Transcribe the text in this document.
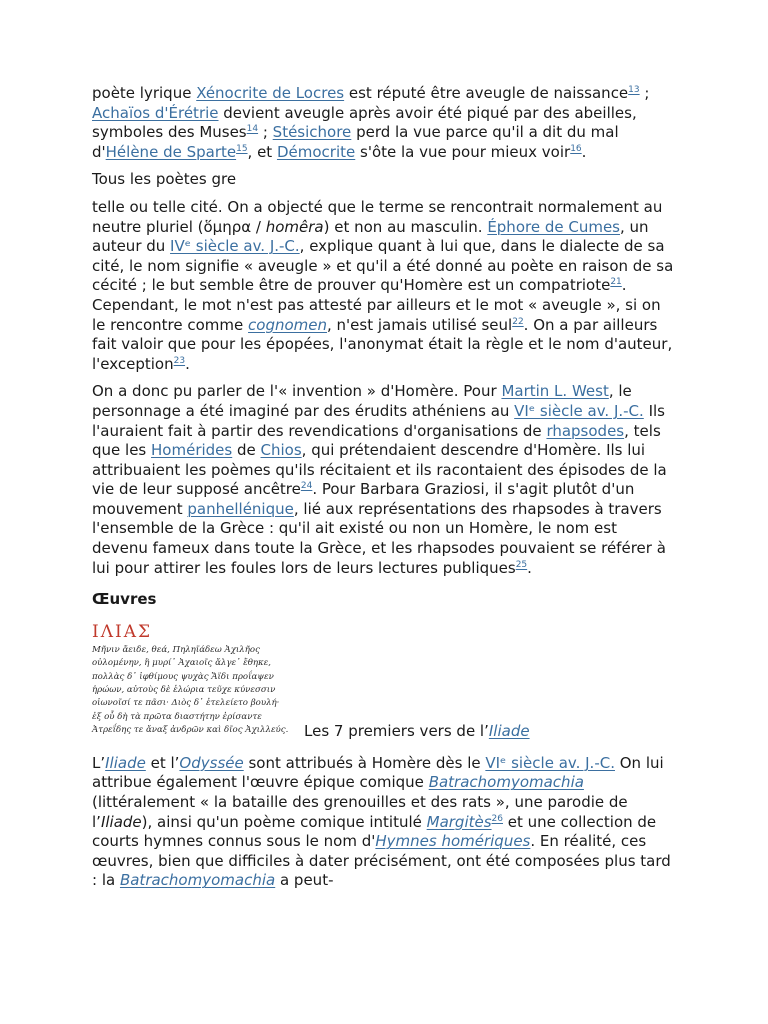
poète lyrique Xénocrite de Locres est réputé être aveugle de naissance$^{13}$ ; Achaïos d'Érétrie devient aveugle après avoir été piqué par des abeilles, symboles des Muses$^{14}$ ; Stésichore perd la vue parce qu'il a dit du mal d'Hélène de Sparte$^{15}$, et Démocrite s'ôte la vue pour mieux voir$^{16}$.

Tous les poètes gre

telle ou telle cité. On a objecté que le terme se rencontrait normalement au neutre pluriel (ὅμηρα / homêra) et non au masculin. Éphore de Cumes, un auteur du IVᵉ siècle av. J.-C., explique quant à lui que, dans le dialecte de sa cité, le nom signifie « aveugle » et qu'il a été donné au poète en raison de sa cécité ; le but semble être de prouver qu'Homère est un compatriote$^{21}$. Cependant, le mot n'est pas attesté par ailleurs et le mot « aveugle », si on le rencontre comme cognomen, n'est jamais utilisé seul$^{22}$. On a par ailleurs fait valoir que pour les épopées, l'anonymat était la règle et le nom d'auteur, l'exception$^{23}$.

On a donc pu parler de l'« invention » d'Homère. Pour Martin L. West, le personnage a été imaginé par des érudits athéniens au VIᵉ siècle av. J.-C. Ils l'auraient fait à partir des revendications d'organisations de rhapsodes, tels que les Homérides de Chios, qui prétendaient descendre d'Homère. Ils lui attribuaient les poèmes qu'ils récitaient et ils racontaient des épisodes de la vie de leur supposé ancêtre$^{24}$. Pour Barbara Graziosi, il s'agit plutôt d'un mouvement panhellénique, lié aux représentations des rhapsodes à travers l'ensemble de la Grèce : qu'il ait existé ou non un Homère, le nom est devenu fameux dans toute la Grèce, et les rhapsodes pouvaient se référer à lui pour attirer les foules lors de leurs lectures publiques$^{25}$.

Œuvres
ΙΛΙΑΣ
Μῆνιν ἄειδε, θεά, Πηληϊάδεω Ἀχιλῆος
οὐλομένην, ἣ μυρί᾽ Ἀχαιοῖς ἄλγε᾽ ἔθηκε,
πολλὰς δ᾽ ἰφθίμους ψυχὰς Ἄϊδι προΐαψεν
ἡρώων, αὐτοὺς δὲ ἑλώρια τεῦχε κύνεσσιν
οἰωνοῖσί τε πᾶσι· Διὸς δ᾽ ἐτελείετο βουλή·
ἐξ οὗ δὴ τὰ πρῶτα διαστήτην ἐρίσαντε
Ἀτρεΐδης τε ἄναξ ἀνδρῶν καὶ δῖος Ἀχιλλεύς.	Les 7 premiers vers de l’Iliade

L’Iliade et l’Odyssée sont attribués à Homère dès le VIᵉ siècle av. J.-C. On lui attribue également l'œuvre épique comique Batrachomyomachia (littéralement « la bataille des grenouilles et des rats », une parodie de l’Iliade), ainsi qu'un poème comique intitulé Margitès$^{26}$ et une collection de courts hymnes connus sous le nom d'Hymnes homériques. En réalité, ces œuvres, bien que difficiles à dater précisément, ont été composées plus tard : la Batrachomyomachia a peut-
